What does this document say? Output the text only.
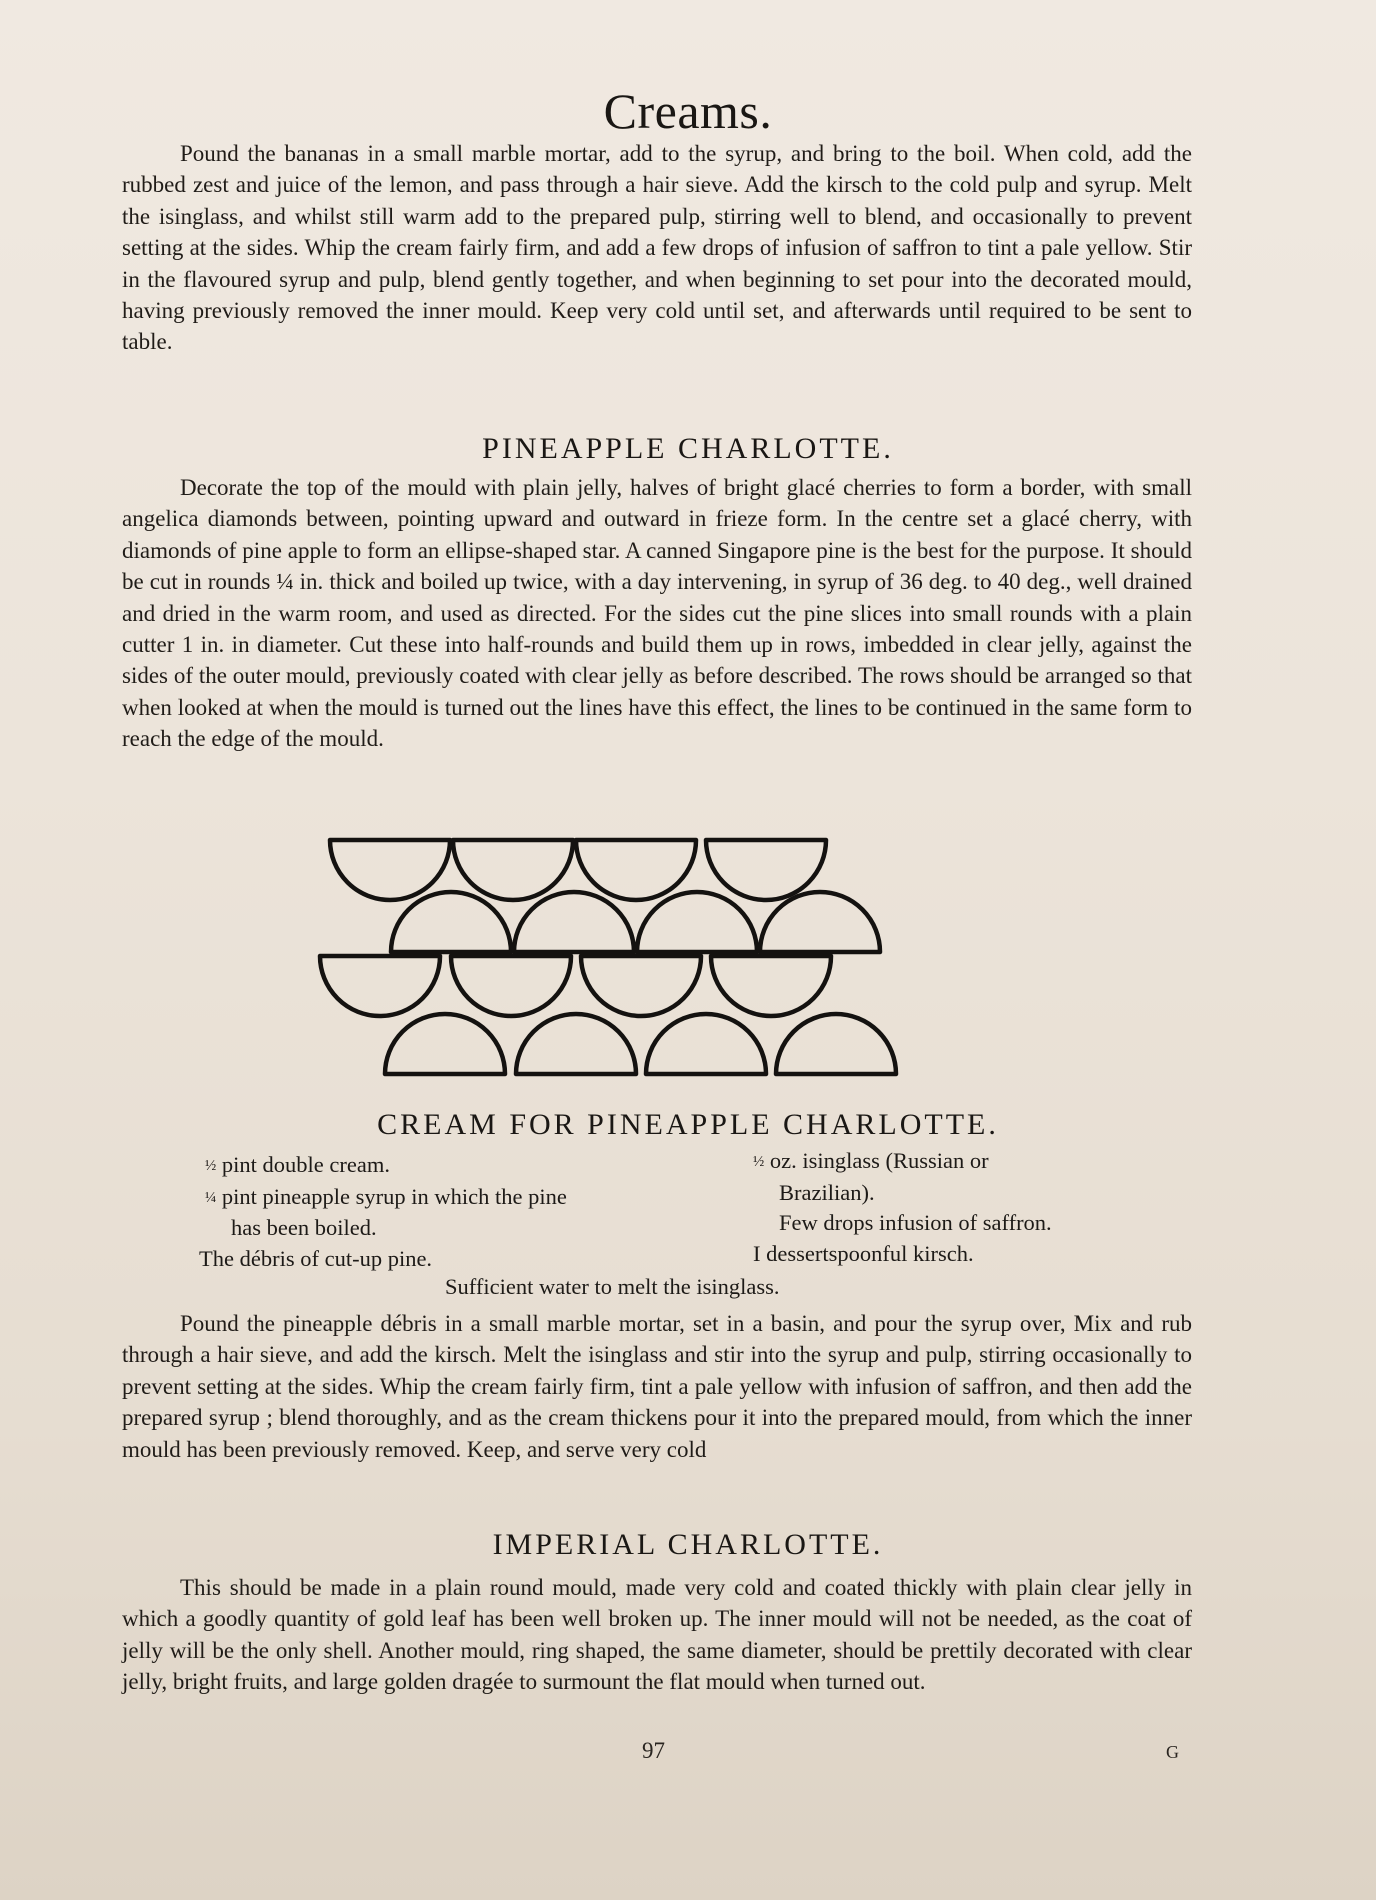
Creams.

Pound the bananas in a small marble mortar, add to the syrup, and bring to the boil. When cold, add the rubbed zest and juice of the lemon, and pass through a hair sieve. Add the kirsch to the cold pulp and syrup. Melt the isinglass, and whilst still warm add to the prepared pulp, stirring well to blend, and occasionally to prevent setting at the sides. Whip the cream fairly firm, and add a few drops of infusion of saffron to tint a pale yellow. Stir in the flavoured syrup and pulp, blend gently together, and when beginning to set pour into the decorated mould, having previously removed the inner mould. Keep very cold until set, and afterwards until required to be sent to table.

PINEAPPLE CHARLOTTE.

Decorate the top of the mould with plain jelly, halves of bright glacé cherries to form a border, with small angelica diamonds between, pointing upward and outward in frieze form. In the centre set a glacé cherry, with diamonds of pine apple to form an ellipse-shaped star. A canned Singapore pine is the best for the purpose. It should be cut in rounds ¼ in. thick and boiled up twice, with a day intervening, in syrup of 36 deg. to 40 deg., well drained and dried in the warm room, and used as directed. For the sides cut the pine slices into small rounds with a plain cutter 1 in. in diameter. Cut these into half-rounds and build them up in rows, imbedded in clear jelly, against the sides of the outer mould, previously coated with clear jelly as before described. The rows should be arranged so that when looked at when the mould is turned out the lines have this effect, the lines to be continued in the same form to reach the edge of the mould.

CREAM FOR PINEAPPLE CHARLOTTE.
½ pint double cream.
¼ pint pineapple syrup in which the pine
has been boiled.
The débris of cut-up pine.
½ oz. isinglass (Russian or
Brazilian).
Few drops infusion of saffron.
I dessertspoonful kirsch.
Sufficient water to melt the isinglass.

Pound the pineapple débris in a small marble mortar, set in a basin, and pour the syrup over, Mix and rub through a hair sieve, and add the kirsch. Melt the isinglass and stir into the syrup and pulp, stirring occasionally to prevent setting at the sides. Whip the cream fairly firm, tint a pale yellow with infusion of saffron, and then add the prepared syrup ; blend thoroughly, and as the cream thickens pour it into the prepared mould, from which the inner mould has been previously removed. Keep, and serve very cold

IMPERIAL CHARLOTTE.

This should be made in a plain round mould, made very cold and coated thickly with plain clear jelly in which a goodly quantity of gold leaf has been well broken up. The inner mould will not be needed, as the coat of jelly will be the only shell. Another mould, ring shaped, the same diameter, should be prettily decorated with clear jelly, bright fruits, and large golden dragée to surmount the flat mould when turned out.

97	G
